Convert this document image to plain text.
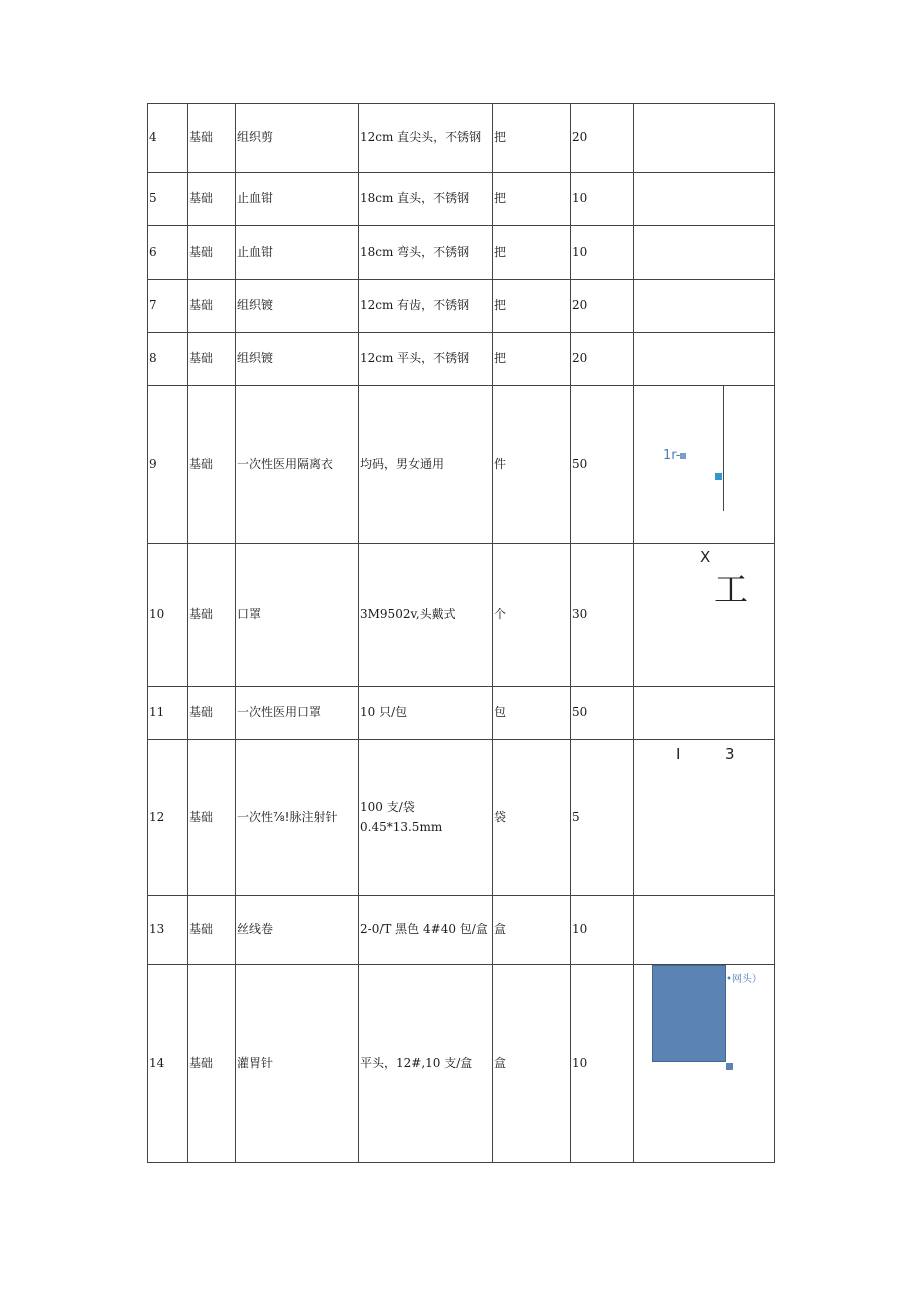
4	基础	组织剪	12cm 直尖头，不锈钢	把	20	
5	基础	止血钳	18cm 直头，不锈钢	把	10	
6	基础	止血钳	18cm 弯头，不锈钢	把	10	
7	基础	组织镀	12cm 有齿，不锈钢	把	20	
8	基础	组织镀	12cm 平头，不锈钢	把	20	
9	基础	一次性医用隔离衣	均码，男女通用	件	50	1r-

10	基础	口罩	3M9502v,头戴式	个	30	X
工

11	基础	一次性医用口罩	10 只/包	包	50	
12	基础	一次性⅞!脉注射针	100 支/袋
0.45*13.5mm	袋	5	I 3

13	基础	丝线卷	2-0/T 黑色 4#40 包/盒	盒	10	
14	基础	灌胃针	平头，12#,10 支/盒	盒	10	•网头）
